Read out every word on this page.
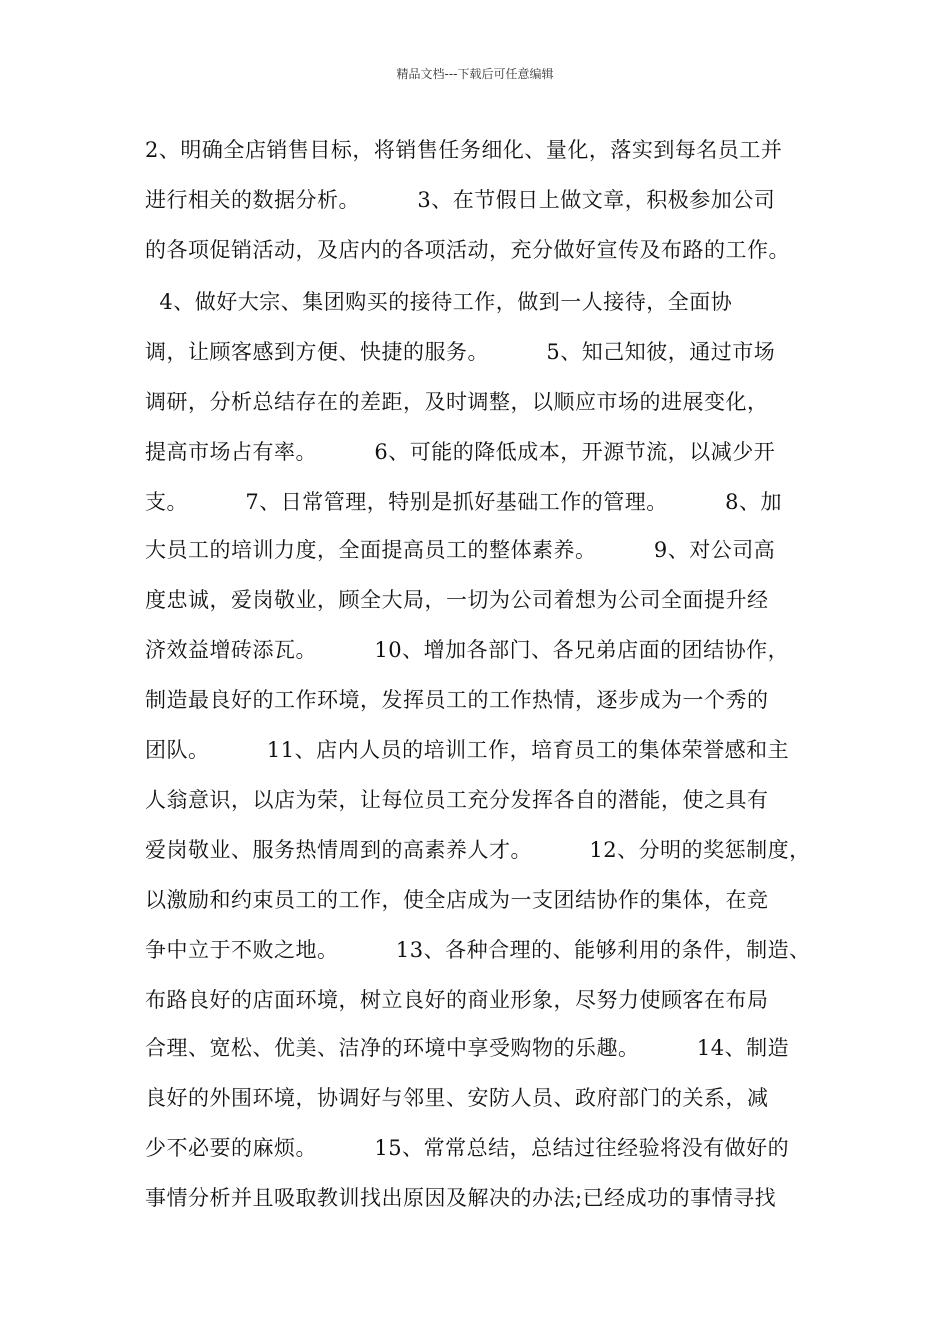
精品文档---下载后可任意编辑
2、明确全店销售目标，将销售任务细化、量化，落实到每名员工并
进行相关的数据分析。        3、在节假日上做文章，积极参加公司
的各项促销活动，及店内的各项活动，充分做好宣传及布路的工作。
4、做好大宗、集团购买的接待工作，做到一人接待，全面协
调，让顾客感到方便、快捷的服务。        5、知己知彼，通过市场
调研，分析总结存在的差距，及时调整，以顺应市场的进展变化，
提高市场占有率。        6、可能的降低成本，开源节流，以减少开
支。        7、日常管理，特别是抓好基础工作的管理。        8、加
大员工的培训力度，全面提高员工的整体素养。        9、对公司高
度忠诚，爱岗敬业，顾全大局，一切为公司着想为公司全面提升经
济效益增砖添瓦。        10、增加各部门、各兄弟店面的团结协作，
制造最良好的工作环境，发挥员工的工作热情，逐步成为一个秀的
团队。        11、店内人员的培训工作，培育员工的集体荣誉感和主
人翁意识，以店为荣，让每位员工充分发挥各自的潜能，使之具有
爱岗敬业、服务热情周到的高素养人才。        12、分明的奖惩制度，
以激励和约束员工的工作，使全店成为一支团结协作的集体，在竞
争中立于不败之地。        13、各种合理的、能够利用的条件，制造、
布路良好的店面环境，树立良好的商业形象，尽努力使顾客在布局
合理、宽松、优美、洁净的环境中享受购物的乐趣。        14、制造
良好的外围环境，协调好与邻里、安防人员、政府部门的关系，减
少不必要的麻烦。        15、常常总结，总结过往经验将没有做好的
事情分析并且吸取教训找出原因及解决的办法;已经成功的事情寻找
